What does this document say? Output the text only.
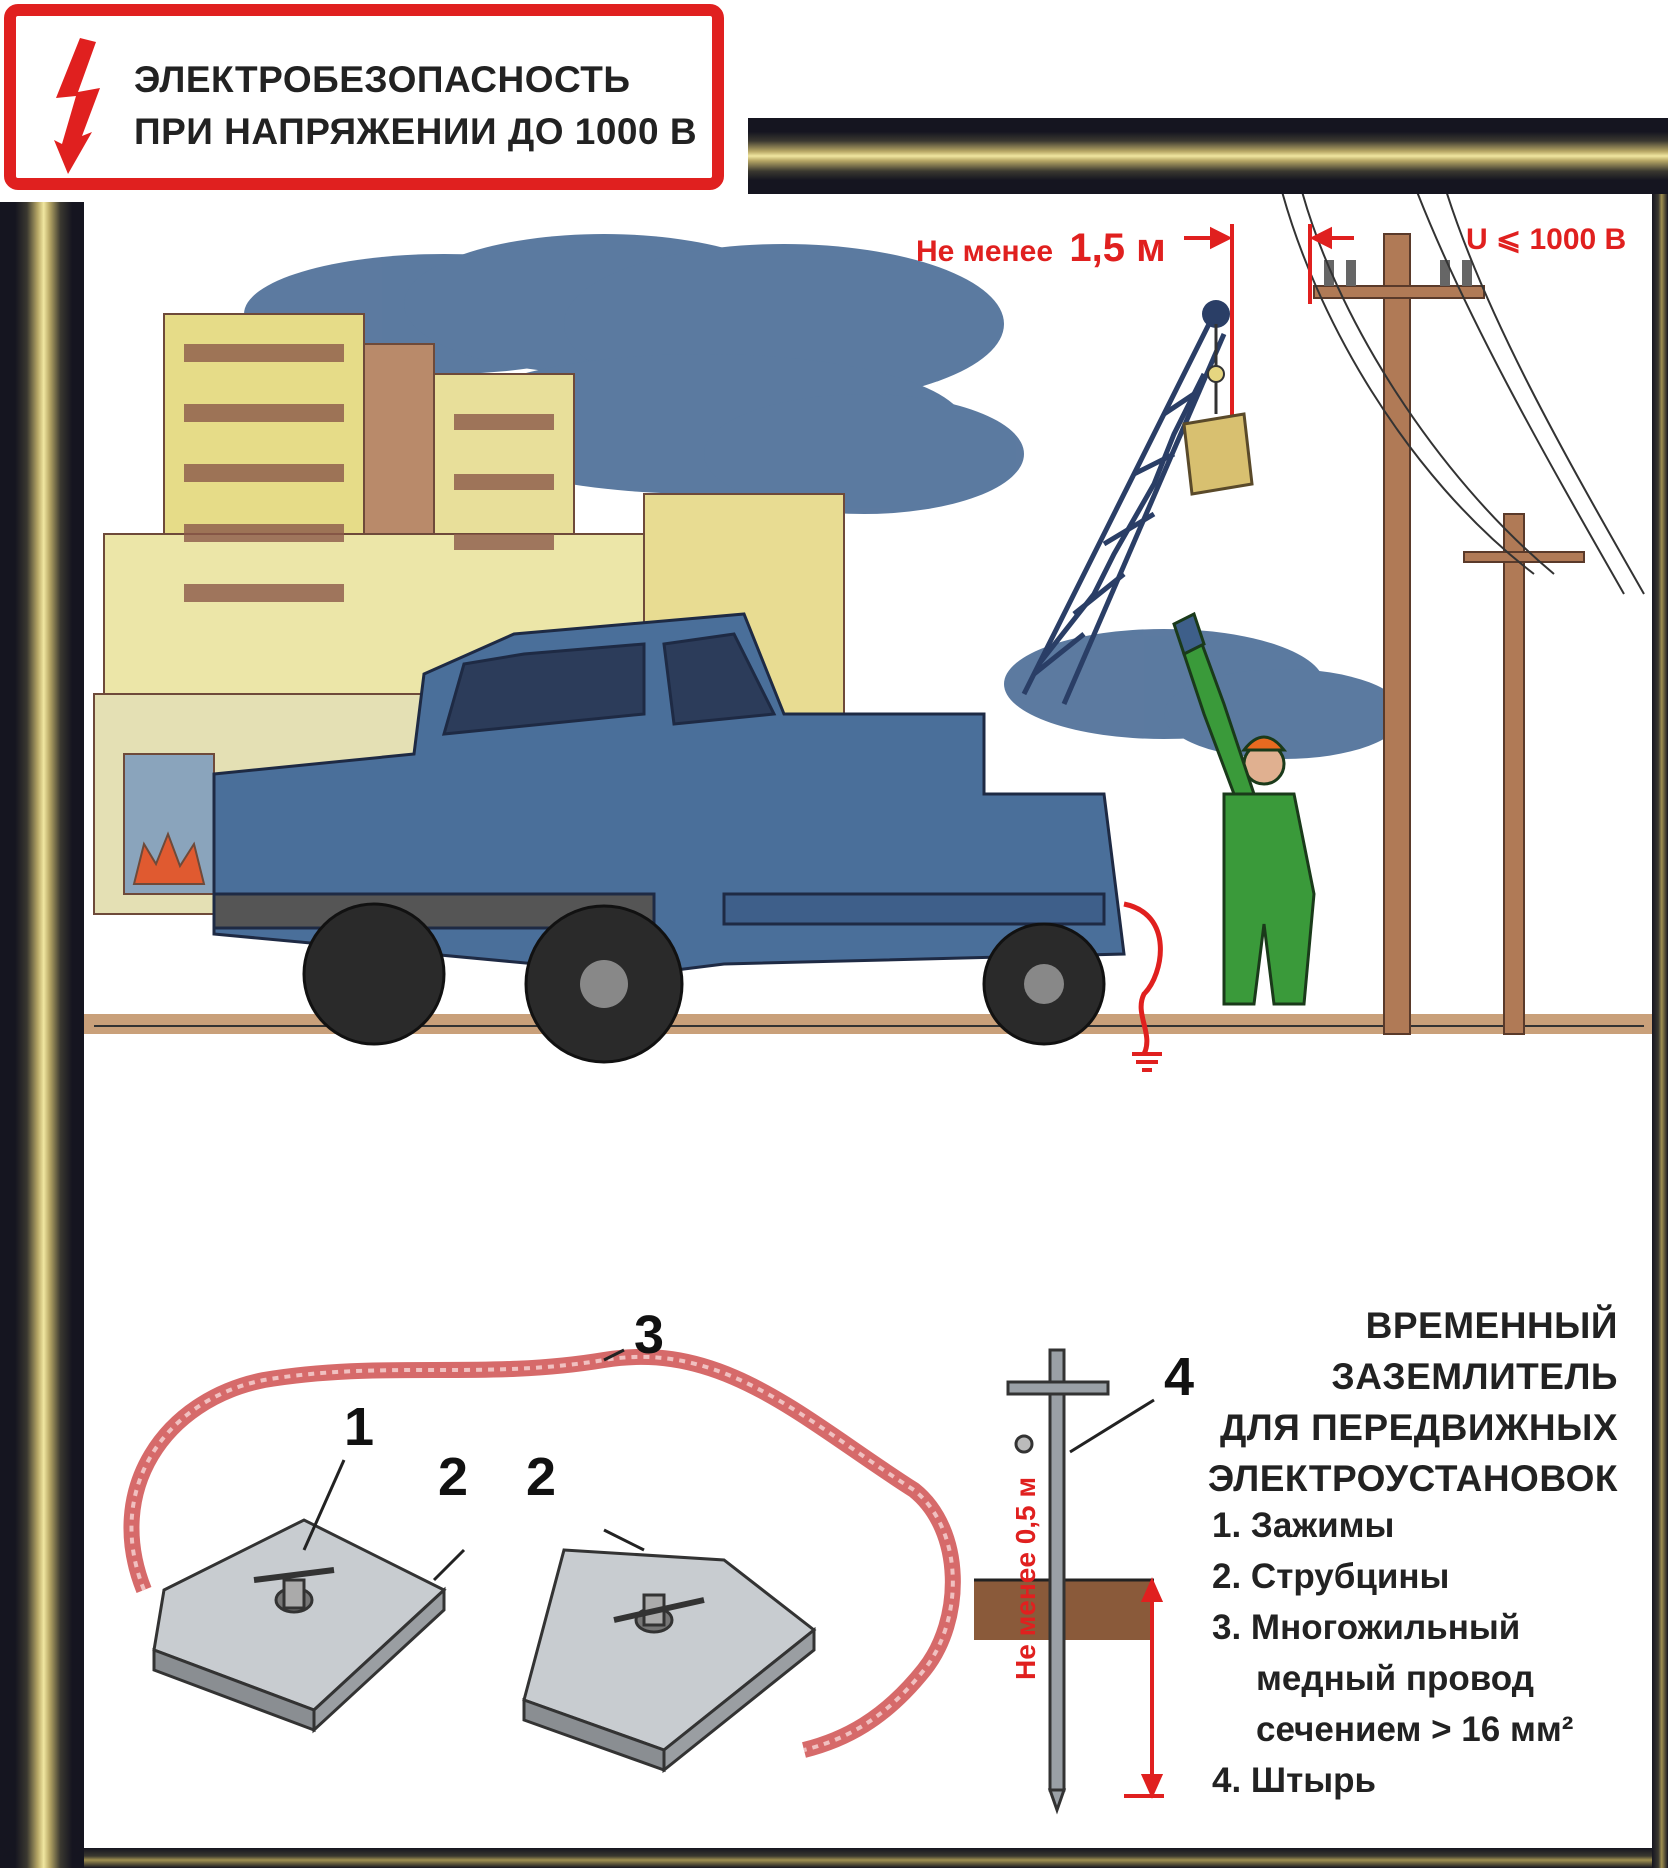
ЭЛЕКТРОБЕЗОПАСНОСТЬ
ПРИ НАПРЯЖЕНИИ ДО 1000 В
Не менее 1,5 м	U ⩽ 1000 В
1
2 2
3
4
Не менее 0,5 м
ВРЕМЕННЫЙ
ЗАЗЕМЛИТЕЛЬ
ДЛЯ ПЕРЕДВИЖНЫХ
ЭЛЕКТРОУСТАНОВОК
1. Зажимы
2. Струбцины
3. Многожильный
медный провод
сечением > 16 мм²
4. Штырь
